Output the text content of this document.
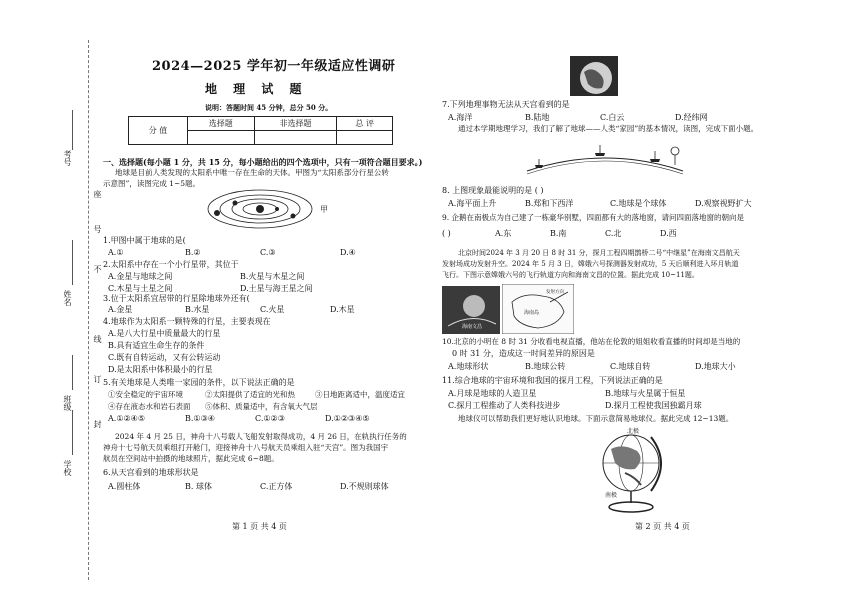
考号
座
号
不
姓名
线
订
班级
封
学校
2024—2025 学年初一年级适应性调研
地 理 试 题
说明：答题时间 45 分钟，总分 50 分。
分 值	选择题	非选择题	总 评

一、选择题(每小题 1 分，共 15 分，每小题给出的四个选项中，只有一项符合题目要求。)
地球是目前人类发现的太阳系中唯一存在生命的天体。甲图为“太阳系部分行星公转
示意图”，读图完成 1~5题。
甲
1.甲图中属于地球的是(
A.①	B.②	C.③	D.④
2.太阳系中存在一个小行星带，其位于
A.金星与地球之间	B.火星与木星之间
C.木星与土星之间	D.土星与海王星之间
3.位于太阳系宜居带的行星除地球外还有(
A.金星	B.水星	C.火星	D.木星
4.地球作为太阳系一颗特殊的行星，主要表现在
A.是八大行星中质量最大的行星
B.具有适宜生命生存的条件
C.既有自转运动，又有公转运动
D.是太阳系中体积最小的行星
5.有关地球是人类唯一家园的条件，以下说法正确的是
①安全稳定的宇宙环境	②太阳提供了适宜的光和热	③日地距离适中，温度适宜
④存在液态水和岩石表面 ⑤体积、质量适中，有含氧大气层
A.①②④⑤	B.①③④	C.①②③	D.①②③④⑤
2024 年 4 月 25 日，神舟十八号载人飞船发射取得成功，4 月 26 日，在轨执行任务的
神舟十七号航天员乘组打开舱门，迎接神舟十八号航天员乘组入驻“天宫”。图为我国宇
航员在空间站中拍摄的地球照片，据此完成 6~8题。
6.从天宫看到的地球形状是
A.圆柱体	B. 球体	C.正方体	D.不规则球体
第 1 页 共 4 页
7.下列地理事物无法从天宫看到的是
A.海洋	B.陆地	C.白云	D.经纬网
通过本学期地理学习，我们了解了地球——人类“家园”的基本情况，读图，完成下面小题。
8. 上图现象最能说明的是 ( )
A.海平面上升	B.郑和下西洋	C.地球是个球体	D.观察视野扩大
9. 企鹅在南极点为自己建了一栋豪华别墅，四面都有大的落地窗，请问四面落地窗的朝向是
( )	A.东	B.南	C.北	D.西
北京时间2024 年 3 月 20 日 8 时 31 分，探月工程四期鹊桥二号“中继星”在海南文昌航天
发射场成功发射升空。2024 年 5 月 3 日，嫦娥六号探测器发射成功，5 天后顺利进入环月轨道
飞行。下图示意嫦娥六号的飞行轨道方向和海南文昌的位置。据此完成 10~11题。
海南文昌
海南岛
发射方向
10.北京的小明在 8 时 31 分收看电视直播，他站在伦敦的姐姐收看直播的时间却是当地的
0 时 31 分，造成这一时间差异的原因是
A.地球形状	B.地球公转	C.地球自转	D.地球大小
11.综合地球的宇宙环境和我国的探月工程，下列说法正确的是
A.月球是地球的人造卫星	B.地球与火星属于恒星
C.探月工程推动了人类科技进步	D.探月工程使我国独霸月球
地球仪可以帮助我们更好地认识地球。下面示意简易地球仪。据此完成 12~13题。
北极
南极
第 2 页 共 4 页
